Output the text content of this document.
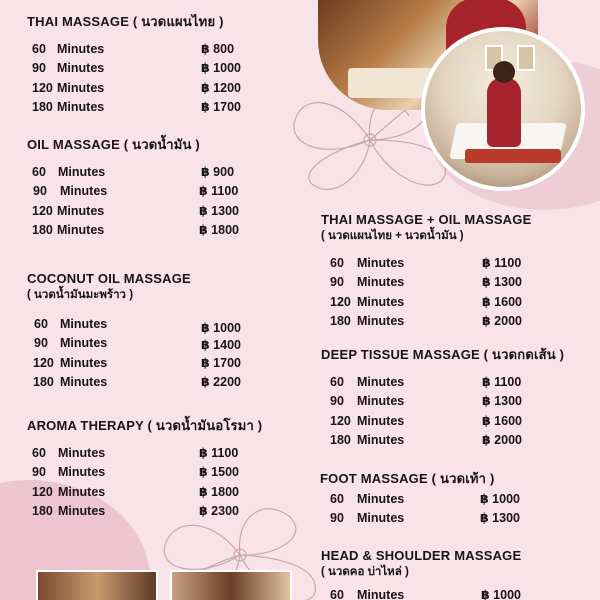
THAI MASSAGE ( นวดแผนไทย )
60 Minutes	฿ 800
90 Minutes	฿ 1000
120 Minutes	฿ 1200
180 Minutes	฿ 1700
OIL MASSAGE ( นวดน้ำมัน )
60 Minutes	฿ 900
90 Minutes	฿ 1100
120 Minutes	฿ 1300
180 Minutes	฿ 1800
COCONUT OIL MASSAGE
( นวดน้ำมันมะพร้าว )
60 Minutes	฿ 1000
90 Minutes	฿ 1400
120 Minutes	฿ 1700
180 Minutes	฿ 2200
AROMA THERAPY ( นวดน้ำมันอโรมา )
60 Minutes	฿ 1100
90 Minutes	฿ 1500
120 Minutes	฿ 1800
180 Minutes	฿ 2300
THAI MASSAGE + OIL MASSAGE
( นวดแผนไทย + นวดน้ำมัน )
60 Minutes	฿ 1100
90 Minutes	฿ 1300
120 Minutes	฿ 1600
180 Minutes	฿ 2000
DEEP TISSUE MASSAGE ( นวดกดเส้น )
60 Minutes	฿ 1100
90 Minutes	฿ 1300
120 Minutes	฿ 1600
180 Minutes	฿ 2000
FOOT MASSAGE ( นวดเท้า )
60 Minutes	฿ 1000
90 Minutes	฿ 1300
HEAD & SHOULDER MASSAGE
( นวดคอ บ่าไหล่ )
60 Minutes	฿ 1000
